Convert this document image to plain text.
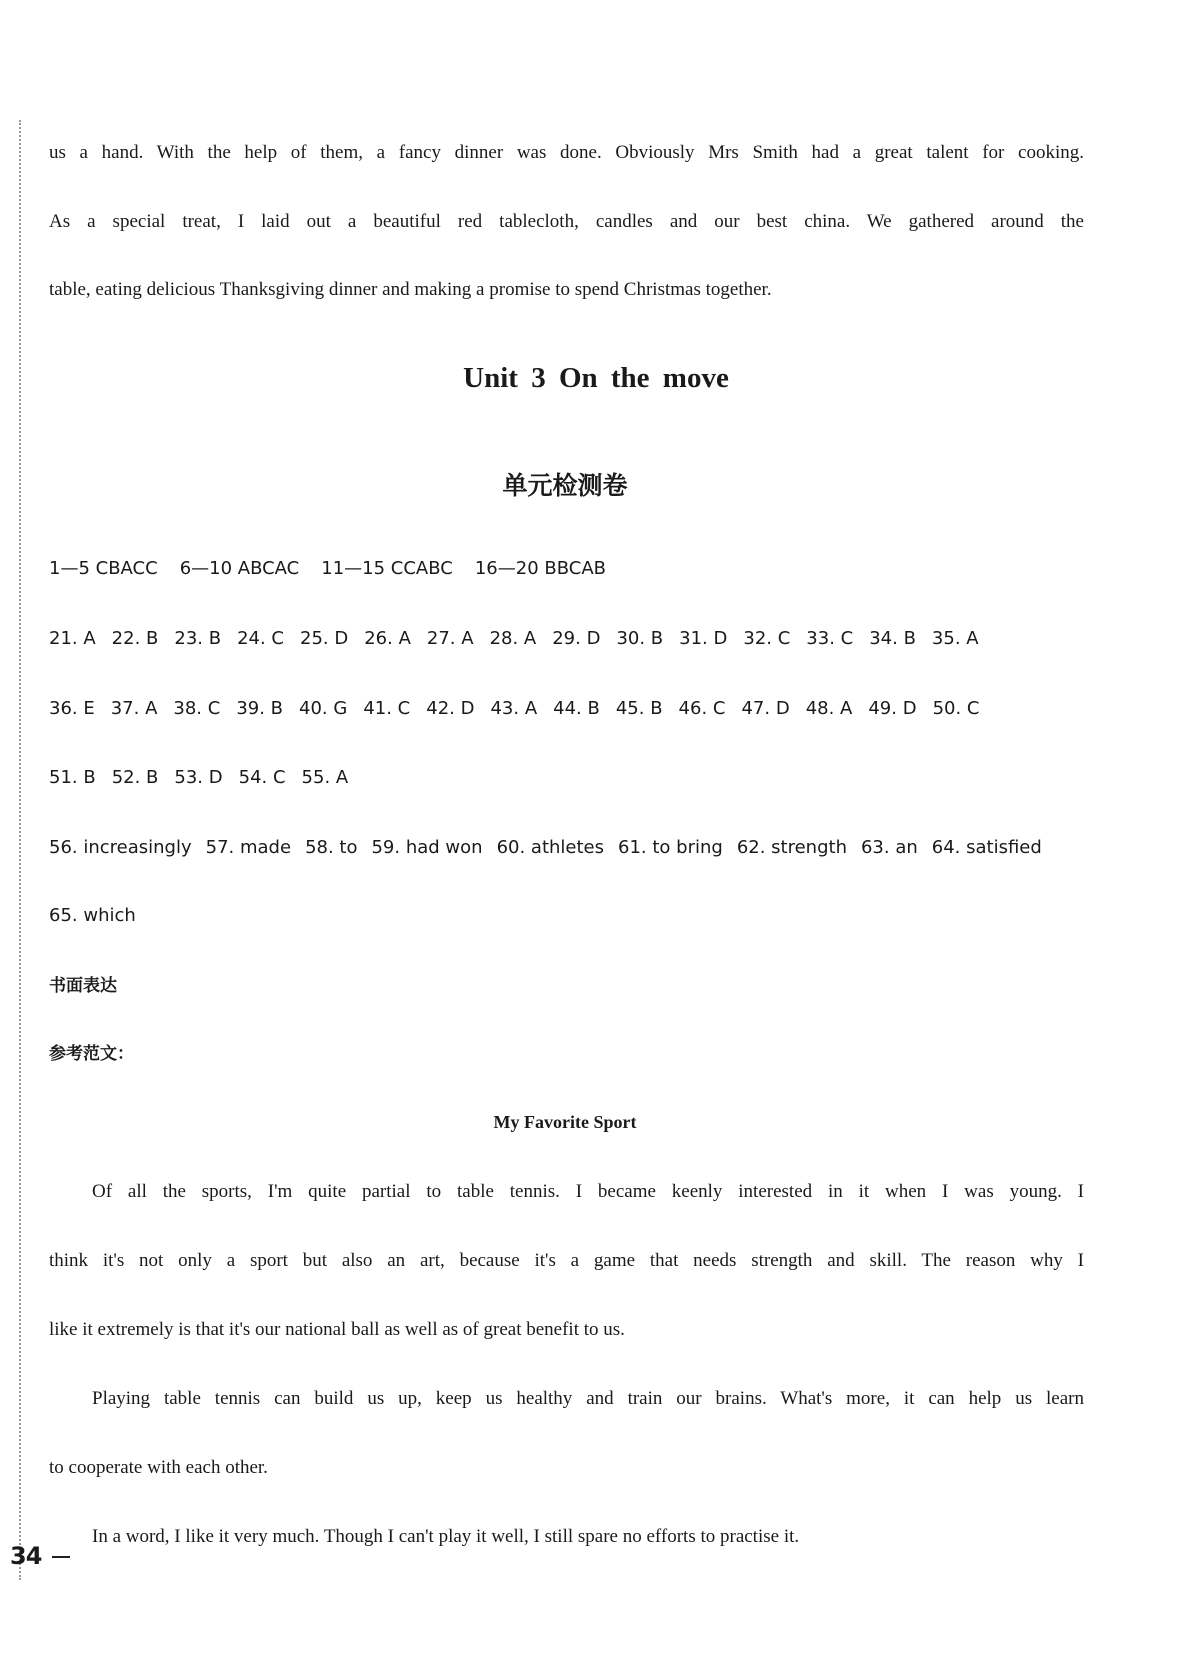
us a hand. With the help of them, a fancy dinner was done. Obviously Mrs Smith had a great talent for cooking.
As a special treat, I laid out a beautiful red tablecloth, candles and our best china. We gathered around the
table, eating delicious Thanksgiving dinner and making a promise to spend Christmas together.
Unit 3 On the move
单元检测卷
1—5 CBACC 6—10 ABCAC 11—15 CCABC 16—20 BBCAB
21. A 22. B 23. B 24. C 25. D 26. A 27. A 28. A 29. D 30. B 31. D 32. C 33. C 34. B 35. A
36. E 37. A 38. C 39. B 40. G 41. C 42. D 43. A 44. B 45. B 46. C 47. D 48. A 49. D 50. C
51. B 52. B 53. D 54. C 55. A
56. increasingly 57. made 58. to 59. had won 60. athletes 61. to bring 62. strength 63. an 64. satisfied
65. which
书面表达
参考范文：
My Favorite Sport
Of all the sports, I'm quite partial to table tennis. I became keenly interested in it when I was young. I
think it's not only a sport but also an art, because it's a game that needs strength and skill. The reason why I
like it extremely is that it's our national ball as well as of great benefit to us.
Playing table tennis can build us up, keep us healthy and train our brains. What's more, it can help us learn
to cooperate with each other.
In a word, I like it very much. Though I can't play it well, I still spare no efforts to practise it.
34
